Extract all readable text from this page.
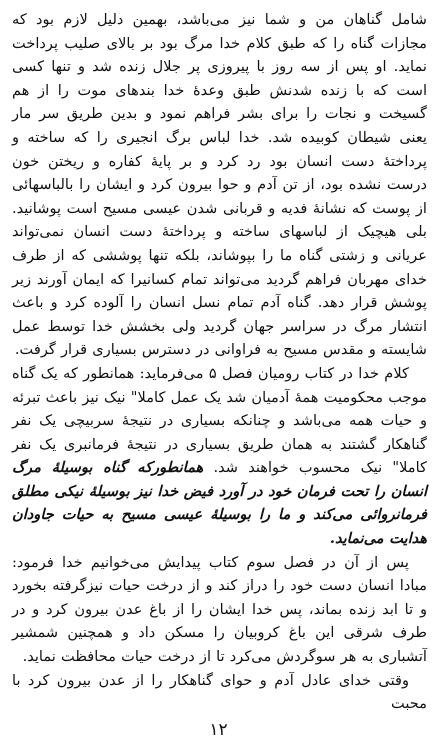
شامل گناهان من و شما نیز می‌باشد، بهمین دلیل لازم بود که مجازات گناه را که طبق کلام خدا مرگ بود بر بالای صلیب پرداخت نماید. او پس از سه روز با پیروزی پر جلال زنده شد و تنها کسی است که با زنده شدنش طبق وعدهٔ خدا بندهای موت را از هم گسیخت و نجات را برای بشر فراهم نمود و بدین طریق سر مار یعنی شیطان کوبیده شد. خدا لباس برگ انجیری را که ساخته و پرداختهٔ دست انسان بود رد کرد و بر پایهٔ کفاره و ریختن خون درست نشده بود، از تن آدم و حوا بیرون کرد و ایشان را بالباسهائی از پوست که نشانهٔ فدیه و قربانی شدن عیسی مسیح است پوشانید. بلی هیچیک از لباسهای ساخته و پرداختهٔ دست انسان نمی‌تواند عریانی و زشتی گناه ما را بپوشاند، بلکه تنها پوششی که از طرف خدای مهربان فراهم گردید می‌تواند تمام کسانیرا که ایمان آورند زیر پوشش قرار دهد. گناه آدم تمام نسل انسان را آلوده کرد و باعث انتشار مرگ در سراسر جهان گردید ولی بخشش خدا توسط عمل شایسته و مقدس مسیح به فراوانی در دسترس بسیاری قرار گرفت.

کلام خدا در کتاب رومیان فصل ۵ می‌فرماید: همانطور که یک گناه موجب محکومیت همهٔ آدمیان شد یک عمل کاملا" نیک نیز باعث تبرئه و حیات همه می‌باشد و چنانکه بسیاری در نتیجهٔ سربیچی یک نفر گناهکار گشتند به همان طریق بسیاری در نتیجهٔ فرمانبری یک نفر کاملا" نیک محسوب خواهند شد. همانطورکه گناه بوسیلهٔ مرگ انسان را تحت فرمان خود در آورد فیض خدا نیز بوسیلهٔ نیکی مطلق فرمانروائی می‌کند و ما را بوسیلهٔ عیسی مسیح به حیات جاودان هدایت می‌نماید.

پس از آن در فصل سوم کتاب پیدایش می‌خوانیم خدا فرمود: مبادا انسان دست خود را دراز کند و از درخت حیات نیزگرفته بخورد و تا ابد زنده بماند، پس خدا ایشان را از باغ عدن بیرون کرد و در طرف شرقی این باغ کروبیان را مسکن داد و همچنین شمشیر آتشباری به هر سوگردش می‌کرد تا از درخت حیات محافظت نماید.

وقتی خدای عادل آدم و حوای گناهکار را از عدن بیرون کرد با محبت

۱۲
